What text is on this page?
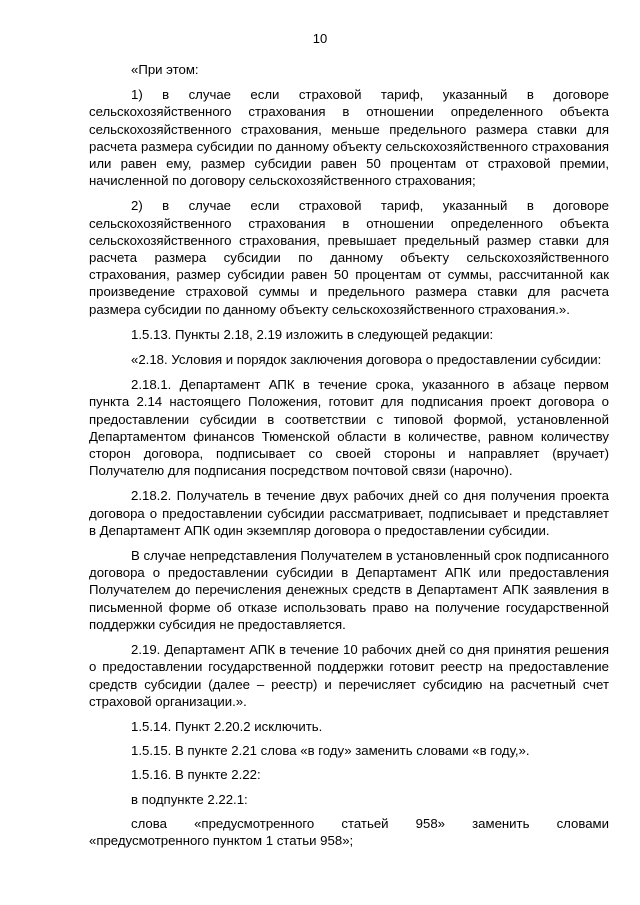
10

«При этом:

1) в случае если страховой тариф, указанный в договоре сельскохозяйственного страхования в отношении определенного объекта сельскохозяйственного страхования, меньше предельного размера ставки для расчета размера субсидии по данному объекту сельскохозяйственного страхования или равен ему, размер субсидии равен 50 процентам от страховой премии, начисленной по договору сельскохозяйственного страхования;

2) в случае если страховой тариф, указанный в договоре сельскохозяйственного страхования в отношении определенного объекта сельскохозяйственного страхования, превышает предельный размер ставки для расчета размера субсидии по данному объекту сельскохозяйственного страхования, размер субсидии равен 50 процентам от суммы, рассчитанной как произведение страховой суммы и предельного размера ставки для расчета размера субсидии по данному объекту сельскохозяйственного страхования.».

1.5.13. Пункты 2.18, 2.19 изложить в следующей редакции:

«2.18. Условия и порядок заключения договора о предоставлении субсидии:

2.18.1. Департамент АПК в течение срока, указанного в абзаце первом пункта 2.14 настоящего Положения, готовит для подписания проект договора о предоставлении субсидии в соответствии с типовой формой, установленной Департаментом финансов Тюменской области в количестве, равном количеству сторон договора, подписывает со своей стороны и направляет (вручает) Получателю для подписания посредством почтовой связи (нарочно).

2.18.2. Получатель в течение двух рабочих дней со дня получения проекта договора о предоставлении субсидии рассматривает, подписывает и представляет в Департамент АПК один экземпляр договора о предоставлении субсидии.

В случае непредставления Получателем в установленный срок подписанного договора о предоставлении субсидии в Департамент АПК или предоставления Получателем до перечисления денежных средств в Департамент АПК заявления в письменной форме об отказе использовать право на получение государственной поддержки субсидия не предоставляется.

2.19. Департамент АПК в течение 10 рабочих дней со дня принятия решения о предоставлении государственной поддержки готовит реестр на предоставление средств субсидии (далее – реестр) и перечисляет субсидию на расчетный счет страховой организации.».

1.5.14. Пункт 2.20.2 исключить.

1.5.15. В пункте 2.21 слова «в году» заменить словами «в году,».

1.5.16. В пункте 2.22:

в подпункте 2.22.1:

слова «предусмотренного статьей 958» заменить словами «предусмотренного пунктом 1 статьи 958»;
